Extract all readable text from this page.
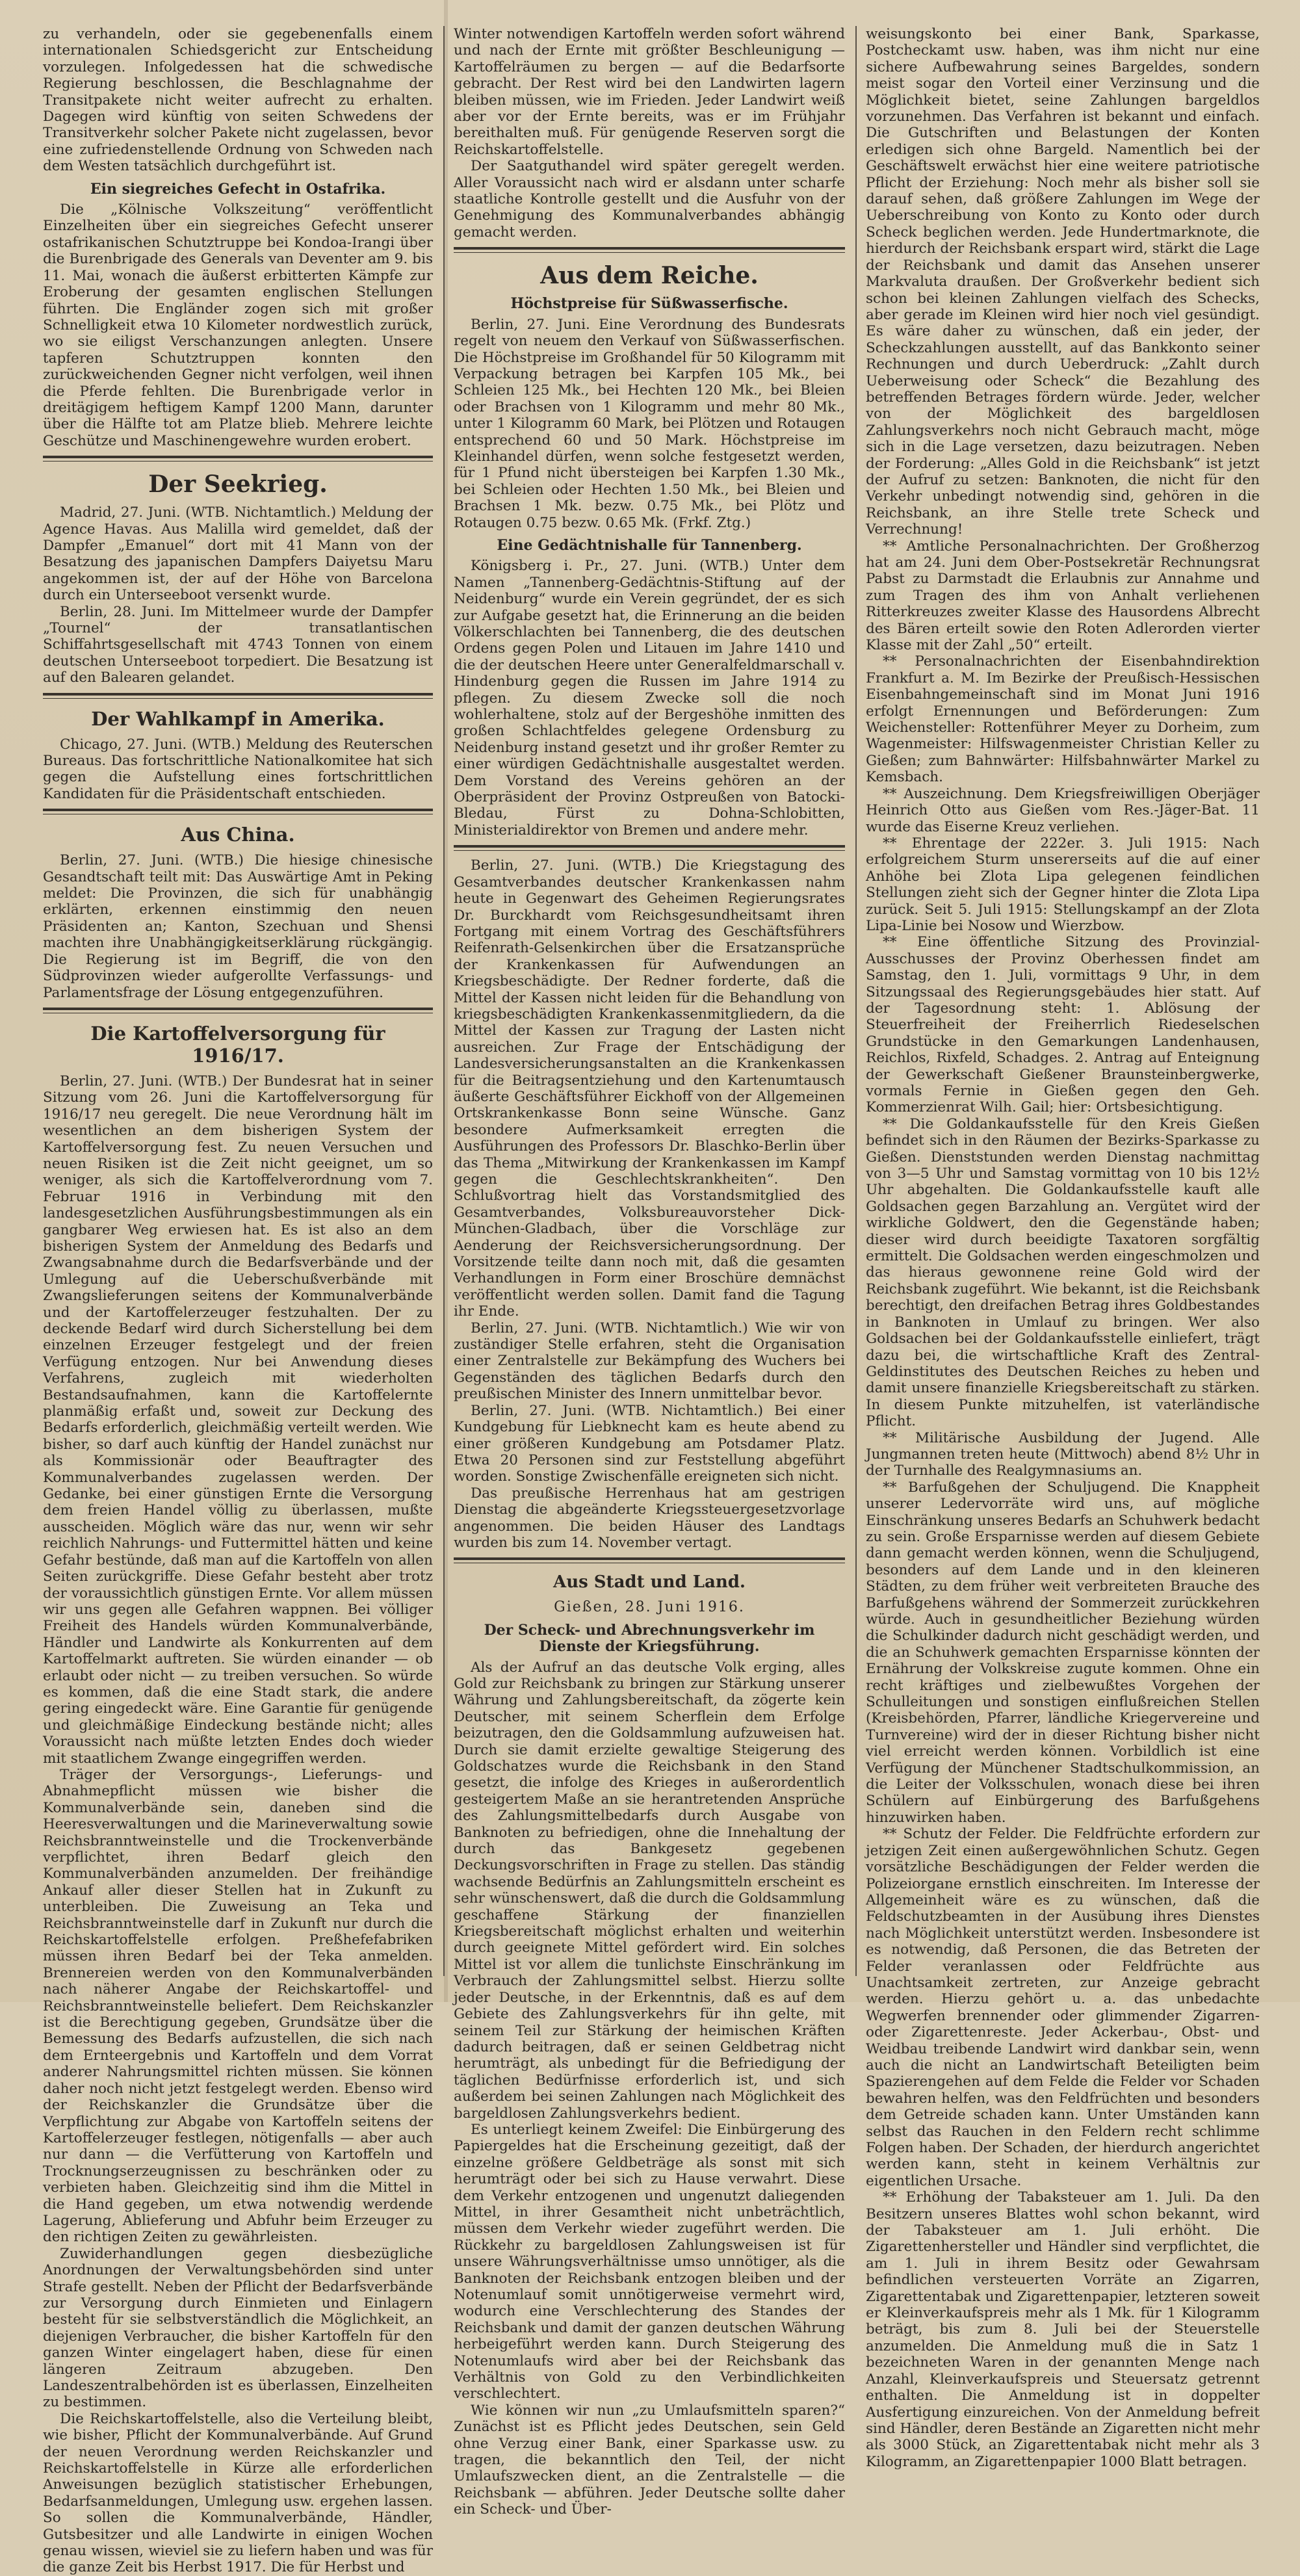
zu verhandeln, oder sie gegebenenfalls einem internationalen Schiedsgericht zur Entscheidung vorzulegen. Infolgedessen hat die schwedische Regierung beschlossen, die Beschlagnahme der Transitpakete nicht weiter aufrecht zu erhalten. Dagegen wird künftig von seiten Schwedens der Transitverkehr solcher Pakete nicht zugelassen, bevor eine zufriedenstellende Ordnung von Schweden nach dem Westen tatsächlich durchgeführt ist.

Ein siegreiches Gefecht in Ostafrika.

Die „Kölnische Volkszeitung“ veröffentlicht Einzelheiten über ein siegreiches Gefecht unserer ostafrikanischen Schutztruppe bei Kondoa-Irangi über die Burenbrigade des Generals van Deventer am 9. bis 11. Mai, wonach die äußerst erbitterten Kämpfe zur Eroberung der gesamten englischen Stellungen führten. Die Engländer zogen sich mit großer Schnelligkeit etwa 10 Kilometer nordwestlich zurück, wo sie eiligst Verschanzungen anlegten. Unsere tapferen Schutztruppen konnten den zurückweichenden Gegner nicht verfolgen, weil ihnen die Pferde fehlten. Die Burenbrigade verlor in dreitägigem heftigem Kampf 1200 Mann, darunter über die Hälfte tot am Platze blieb. Mehrere leichte Geschütze und Maschinengewehre wurden erobert.

Der Seekrieg.

Madrid, 27. Juni. (WTB. Nichtamtlich.) Meldung der Agence Havas. Aus Malilla wird gemeldet, daß der Dampfer „Emanuel“ dort mit 41 Mann von der Besatzung des japanischen Dampfers Daiyetsu Maru angekommen ist, der auf der Höhe von Barcelona durch ein Unterseeboot versenkt wurde.

Berlin, 28. Juni. Im Mittelmeer wurde der Dampfer „Tournel“ der transatlantischen Schiffahrtsgesellschaft mit 4743 Tonnen von einem deutschen Unterseeboot torpediert. Die Besatzung ist auf den Balearen gelandet.

Der Wahlkampf in Amerika.

Chicago, 27. Juni. (WTB.) Meldung des Reuterschen Bureaus. Das fortschrittliche Nationalkomitee hat sich gegen die Aufstellung eines fortschrittlichen Kandidaten für die Präsidentschaft entschieden.

Aus China.

Berlin, 27. Juni. (WTB.) Die hiesige chinesische Gesandtschaft teilt mit: Das Auswärtige Amt in Peking meldet: Die Provinzen, die sich für unabhängig erklärten, erkennen einstimmig den neuen Präsidenten an; Kanton, Szechuan und Shensi machten ihre Unabhängigkeitserklärung rückgängig. Die Regierung ist im Begriff, die von den Südprovinzen wieder aufgerollte Verfassungs- und Parlamentsfrage der Lösung entgegenzuführen.

Die Kartoffelversorgung für 1916/17.

Berlin, 27. Juni. (WTB.) Der Bundesrat hat in seiner Sitzung vom 26. Juni die Kartoffelversorgung für 1916/17 neu geregelt. Die neue Verordnung hält im wesentlichen an dem bisherigen System der Kartoffelversorgung fest. Zu neuen Versuchen und neuen Risiken ist die Zeit nicht geeignet, um so weniger, als sich die Kartoffelverordnung vom 7. Februar 1916 in Verbindung mit den landesgesetzlichen Ausführungsbestimmungen als ein gangbarer Weg erwiesen hat. Es ist also an dem bisherigen System der Anmeldung des Bedarfs und Zwangsabnahme durch die Bedarfsverbände und der Umlegung auf die Ueberschußverbände mit Zwangslieferungen seitens der Kommunalverbände und der Kartoffelerzeuger festzuhalten. Der zu deckende Bedarf wird durch Sicherstellung bei dem einzelnen Erzeuger festgelegt und der freien Verfügung entzogen. Nur bei Anwendung dieses Verfahrens, zugleich mit wiederholten Bestandsaufnahmen, kann die Kartoffelernte planmäßig erfaßt und, soweit zur Deckung des Bedarfs erforderlich, gleichmäßig verteilt werden. Wie bisher, so darf auch künftig der Handel zunächst nur als Kommissionär oder Beauftragter des Kommunalverbandes zugelassen werden. Der Gedanke, bei einer günstigen Ernte die Versorgung dem freien Handel völlig zu überlassen, mußte ausscheiden. Möglich wäre das nur, wenn wir sehr reichlich Nahrungs- und Futtermittel hätten und keine Gefahr bestünde, daß man auf die Kartoffeln von allen Seiten zurückgriffe. Diese Gefahr besteht aber trotz der voraussichtlich günstigen Ernte. Vor allem müssen wir uns gegen alle Gefahren wappnen. Bei völliger Freiheit des Handels würden Kommunalverbände, Händler und Landwirte als Konkurrenten auf dem Kartoffelmarkt auftreten. Sie würden einander — ob erlaubt oder nicht — zu treiben versuchen. So würde es kommen, daß die eine Stadt stark, die andere gering eingedeckt wäre. Eine Garantie für genügende und gleichmäßige Eindeckung bestände nicht; alles Voraussicht nach müßte letzten Endes doch wieder mit staatlichem Zwange eingegriffen werden.

Träger der Versorgungs-, Lieferungs- und Abnahmepflicht müssen wie bisher die Kommunalverbände sein, daneben sind die Heeresverwaltungen und die Marineverwaltung sowie Reichsbranntweinstelle und die Trockenverbände verpflichtet, ihren Bedarf gleich den Kommunalverbänden anzumelden. Der freihändige Ankauf aller dieser Stellen hat in Zukunft zu unterbleiben. Die Zuweisung an Teka und Reichsbranntweinstelle darf in Zukunft nur durch die Reichskartoffelstelle erfolgen. Preßhefefabriken müssen ihren Bedarf bei der Teka anmelden. Brennereien werden von den Kommunalverbänden nach näherer Angabe der Reichskartoffel- und Reichsbranntweinstelle beliefert. Dem Reichskanzler ist die Berechtigung gegeben, Grundsätze über die Bemessung des Bedarfs aufzustellen, die sich nach dem Ernteergebnis und Kartoffeln und dem Vorrat anderer Nahrungsmittel richten müssen. Sie können daher noch nicht jetzt festgelegt werden. Ebenso wird der Reichskanzler die Grundsätze über die Verpflichtung zur Abgabe von Kartoffeln seitens der Kartoffelerzeuger festlegen, nötigenfalls — aber auch nur dann — die Verfütterung von Kartoffeln und Trocknungserzeugnissen zu beschränken oder zu verbieten haben. Gleichzeitig sind ihm die Mittel in die Hand gegeben, um etwa notwendig werdende Lagerung, Ablieferung und Abfuhr beim Erzeuger zu den richtigen Zeiten zu gewährleisten.

Zuwiderhandlungen gegen diesbezügliche Anordnungen der Verwaltungsbehörden sind unter Strafe gestellt. Neben der Pflicht der Bedarfsverbände zur Versorgung durch Einmieten und Einlagern besteht für sie selbstverständlich die Möglichkeit, an diejenigen Verbraucher, die bisher Kartoffeln für den ganzen Winter eingelagert haben, diese für einen längeren Zeitraum abzugeben. Den Landeszentralbehörden ist es überlassen, Einzelheiten zu bestimmen.

Die Reichskartoffelstelle, also die Verteilung bleibt, wie bisher, Pflicht der Kommunalverbände. Auf Grund der neuen Verordnung werden Reichskanzler und Reichskartoffelstelle in Kürze alle erforderlichen Anweisungen bezüglich statistischer Erhebungen, Bedarfsanmeldungen, Umlegung usw. ergehen lassen. So sollen die Kommunalverbände, Händler, Gutsbesitzer und alle Landwirte in einigen Wochen genau wissen, wieviel sie zu liefern haben und was für die ganze Zeit bis Herbst 1917. Die für Herbst und

Winter notwendigen Kartoffeln werden sofort während und nach der Ernte mit größter Beschleunigung — Kartoffelräumen zu bergen — auf die Bedarfsorte gebracht. Der Rest wird bei den Landwirten lagern bleiben müssen, wie im Frieden. Jeder Landwirt weiß aber vor der Ernte bereits, was er im Frühjahr bereithalten muß. Für genügende Reserven sorgt die Reichskartoffelstelle.

Der Saatguthandel wird später geregelt werden. Aller Voraussicht nach wird er alsdann unter scharfe staatliche Kontrolle gestellt und die Ausfuhr von der Genehmigung des Kommunalverbandes abhängig gemacht werden.

Aus dem Reiche.
Höchstpreise für Süßwasserfische.

Berlin, 27. Juni. Eine Verordnung des Bundesrats regelt von neuem den Verkauf von Süßwasserfischen. Die Höchstpreise im Großhandel für 50 Kilogramm mit Verpackung betragen bei Karpfen 105 Mk., bei Schleien 125 Mk., bei Hechten 120 Mk., bei Bleien oder Brachsen von 1 Kilogramm und mehr 80 Mk., unter 1 Kilogramm 60 Mark, bei Plötzen und Rotaugen entsprechend 60 und 50 Mark. Höchstpreise im Kleinhandel dürfen, wenn solche festgesetzt werden, für 1 Pfund nicht übersteigen bei Karpfen 1.30 Mk., bei Schleien oder Hechten 1.50 Mk., bei Bleien und Brachsen 1 Mk. bezw. 0.75 Mk., bei Plötz und Rotaugen 0.75 bezw. 0.65 Mk. (Frkf. Ztg.)

Eine Gedächtnishalle für Tannenberg.

Königsberg i. Pr., 27. Juni. (WTB.) Unter dem Namen „Tannenberg-Gedächtnis-Stiftung auf der Neidenburg“ wurde ein Verein gegründet, der es sich zur Aufgabe gesetzt hat, die Erinnerung an die beiden Völkerschlachten bei Tannenberg, die des deutschen Ordens gegen Polen und Litauen im Jahre 1410 und die der deutschen Heere unter Generalfeldmarschall v. Hindenburg gegen die Russen im Jahre 1914 zu pflegen. Zu diesem Zwecke soll die noch wohlerhaltene, stolz auf der Bergeshöhe inmitten des großen Schlachtfeldes gelegene Ordensburg zu Neidenburg instand gesetzt und ihr großer Remter zu einer würdigen Gedächtnishalle ausgestaltet werden. Dem Vorstand des Vereins gehören an der Oberpräsident der Provinz Ostpreußen von Batocki-Bledau, Fürst zu Dohna-Schlobitten, Ministerialdirektor von Bremen und andere mehr.

Berlin, 27. Juni. (WTB.) Die Kriegstagung des Gesamtverbandes deutscher Krankenkassen nahm heute in Gegenwart des Geheimen Regierungsrates Dr. Burckhardt vom Reichsgesundheitsamt ihren Fortgang mit einem Vortrag des Geschäftsführers Reifenrath-Gelsenkirchen über die Ersatzansprüche der Krankenkassen für Aufwendungen an Kriegsbeschädigte. Der Redner forderte, daß die Mittel der Kassen nicht leiden für die Behandlung von kriegsbeschädigten Krankenkassenmitgliedern, da die Mittel der Kassen zur Tragung der Lasten nicht ausreichen. Zur Frage der Entschädigung der Landesversicherungsanstalten an die Krankenkassen für die Beitragsentziehung und den Kartenumtausch äußerte Geschäftsführer Eickhoff von der Allgemeinen Ortskrankenkasse Bonn seine Wünsche. Ganz besondere Aufmerksamkeit erregten die Ausführungen des Professors Dr. Blaschko-Berlin über das Thema „Mitwirkung der Krankenkassen im Kampf gegen die Geschlechtskrankheiten“. Den Schlußvortrag hielt das Vorstandsmitglied des Gesamtverbandes, Volksbureauvorsteher Dick-München-Gladbach, über die Vorschläge zur Aenderung der Reichsversicherungsordnung. Der Vorsitzende teilte dann noch mit, daß die gesamten Verhandlungen in Form einer Broschüre demnächst veröffentlicht werden sollen. Damit fand die Tagung ihr Ende.

Berlin, 27. Juni. (WTB. Nichtamtlich.) Wie wir von zuständiger Stelle erfahren, steht die Organisation einer Zentralstelle zur Bekämpfung des Wuchers bei Gegenständen des täglichen Bedarfs durch den preußischen Minister des Innern unmittelbar bevor.

Berlin, 27. Juni. (WTB. Nichtamtlich.) Bei einer Kundgebung für Liebknecht kam es heute abend zu einer größeren Kundgebung am Potsdamer Platz. Etwa 20 Personen sind zur Feststellung abgeführt worden. Sonstige Zwischenfälle ereigneten sich nicht.

Das preußische Herrenhaus hat am gestrigen Dienstag die abgeänderte Kriegssteuergesetzvorlage angenommen. Die beiden Häuser des Landtags wurden bis zum 14. November vertagt.

Aus Stadt und Land.
Gießen, 28. Juni 1916.
Der Scheck- und Abrechnungsverkehr im Dienste der Kriegsführung.

Als der Aufruf an das deutsche Volk erging, alles Gold zur Reichsbank zu bringen zur Stärkung unserer Währung und Zahlungsbereitschaft, da zögerte kein Deutscher, mit seinem Scherflein dem Erfolge beizutragen, den die Goldsammlung aufzuweisen hat. Durch sie damit erzielte gewaltige Steigerung des Goldschatzes wurde die Reichsbank in den Stand gesetzt, die infolge des Krieges in außerordentlich gesteigertem Maße an sie herantretenden Ansprüche des Zahlungsmittelbedarfs durch Ausgabe von Banknoten zu befriedigen, ohne die Innehaltung der durch das Bankgesetz gegebenen Deckungsvorschriften in Frage zu stellen. Das ständig wachsende Bedürfnis an Zahlungsmitteln erscheint es sehr wünschenswert, daß die durch die Goldsammlung geschaffene Stärkung der finanziellen Kriegsbereitschaft möglichst erhalten und weiterhin durch geeignete Mittel gefördert wird. Ein solches Mittel ist vor allem die tunlichste Einschränkung im Verbrauch der Zahlungsmittel selbst. Hierzu sollte jeder Deutsche, in der Erkenntnis, daß es auf dem Gebiete des Zahlungsverkehrs für ihn gelte, mit seinem Teil zur Stärkung der heimischen Kräften dadurch beitragen, daß er seinen Geldbetrag nicht herumträgt, als unbedingt für die Befriedigung der täglichen Bedürfnisse erforderlich ist, und sich außerdem bei seinen Zahlungen nach Möglichkeit des bargeldlosen Zahlungsverkehrs bedient.

Es unterliegt keinem Zweifel: Die Einbürgerung des Papiergeldes hat die Erscheinung gezeitigt, daß der einzelne größere Geldbeträge als sonst mit sich herumträgt oder bei sich zu Hause verwahrt. Diese dem Verkehr entzogenen und ungenutzt daliegenden Mittel, in ihrer Gesamtheit nicht unbeträchtlich, müssen dem Verkehr wieder zugeführt werden. Die Rückkehr zu bargeldlosen Zahlungsweisen ist für unsere Währungsverhältnisse umso unnötiger, als die Banknoten der Reichsbank entzogen bleiben und der Notenumlauf somit unnötigerweise vermehrt wird, wodurch eine Verschlechterung des Standes der Reichsbank und damit der ganzen deutschen Währung herbeigeführt werden kann. Durch Steigerung des Notenumlaufs wird aber bei der Reichsbank das Verhältnis von Gold zu den Verbindlichkeiten verschlechtert.

Wie können wir nun „zu Umlaufsmitteln sparen?“ Zunächst ist es Pflicht jedes Deutschen, sein Geld ohne Verzug einer Bank, einer Sparkasse usw. zu tragen, die bekanntlich den Teil, der nicht Umlaufszwecken dient, an die Zentralstelle — die Reichsbank — abführen. Jeder Deutsche sollte daher ein Scheck- und Über-

weisungskonto bei einer Bank, Sparkasse, Postcheckamt usw. haben, was ihm nicht nur eine sichere Aufbewahrung seines Bargeldes, sondern meist sogar den Vorteil einer Verzinsung und die Möglichkeit bietet, seine Zahlungen bargeldlos vorzunehmen. Das Verfahren ist bekannt und einfach. Die Gutschriften und Belastungen der Konten erledigen sich ohne Bargeld. Namentlich bei der Geschäftswelt erwächst hier eine weitere patriotische Pflicht der Erziehung: Noch mehr als bisher soll sie darauf sehen, daß größere Zahlungen im Wege der Ueberschreibung von Konto zu Konto oder durch Scheck beglichen werden. Jede Hundertmarknote, die hierdurch der Reichsbank erspart wird, stärkt die Lage der Reichsbank und damit das Ansehen unserer Markvaluta draußen. Der Großverkehr bedient sich schon bei kleinen Zahlungen vielfach des Schecks, aber gerade im Kleinen wird hier noch viel gesündigt. Es wäre daher zu wünschen, daß ein jeder, der Scheckzahlungen ausstellt, auf das Bankkonto seiner Rechnungen und durch Ueberdruck: „Zahlt durch Ueberweisung oder Scheck“ die Bezahlung des betreffenden Betrages fördern würde. Jeder, welcher von der Möglichkeit des bargeldlosen Zahlungsverkehrs noch nicht Gebrauch macht, möge sich in die Lage versetzen, dazu beizutragen. Neben der Forderung: „Alles Gold in die Reichsbank“ ist jetzt der Aufruf zu setzen: Banknoten, die nicht für den Verkehr unbedingt notwendig sind, gehören in die Reichsbank, an ihre Stelle trete Scheck und Verrechnung!

** Amtliche Personalnachrichten. Der Großherzog hat am 24. Juni dem Ober-Postsekretär Rechnungsrat Pabst zu Darmstadt die Erlaubnis zur Annahme und zum Tragen des ihm von Anhalt verliehenen Ritterkreuzes zweiter Klasse des Hausordens Albrecht des Bären erteilt sowie den Roten Adlerorden vierter Klasse mit der Zahl „50“ erteilt.

** Personalnachrichten der Eisenbahndirektion Frankfurt a. M. Im Bezirke der Preußisch-Hessischen Eisenbahngemeinschaft sind im Monat Juni 1916 erfolgt Ernennungen und Beförderungen: Zum Weichensteller: Rottenführer Meyer zu Dorheim, zum Wagenmeister: Hilfswagenmeister Christian Keller zu Gießen; zum Bahnwärter: Hilfsbahnwärter Markel zu Kemsbach.

** Auszeichnung. Dem Kriegsfreiwilligen Oberjäger Heinrich Otto aus Gießen vom Res.-Jäger-Bat. 11 wurde das Eiserne Kreuz verliehen.

** Ehrentage der 222er. 3. Juli 1915: Nach erfolgreichem Sturm unsererseits auf die auf einer Anhöhe bei Zlota Lipa gelegenen feindlichen Stellungen zieht sich der Gegner hinter die Zlota Lipa zurück. Seit 5. Juli 1915: Stellungskampf an der Zlota Lipa-Linie bei Nosow und Wierzbow.

** Eine öffentliche Sitzung des Provinzial-Ausschusses der Provinz Oberhessen findet am Samstag, den 1. Juli, vormittags 9 Uhr, in dem Sitzungssaal des Regierungsgebäudes hier statt. Auf der Tagesordnung steht: 1. Ablösung der Steuerfreiheit der Freiherrlich Riedeselschen Grundstücke in den Gemarkungen Landenhausen, Reichlos, Rixfeld, Schadges. 2. Antrag auf Enteignung der Gewerkschaft Gießener Braunsteinbergwerke, vormals Fernie in Gießen gegen den Geh. Kommerzienrat Wilh. Gail; hier: Ortsbesichtigung.

** Die Goldankaufsstelle für den Kreis Gießen befindet sich in den Räumen der Bezirks-Sparkasse zu Gießen. Dienststunden werden Dienstag nachmittag von 3—5 Uhr und Samstag vormittag von 10 bis 12½ Uhr abgehalten. Die Goldankaufsstelle kauft alle Goldsachen gegen Barzahlung an. Vergütet wird der wirkliche Goldwert, den die Gegenstände haben; dieser wird durch beeidigte Taxatoren sorgfältig ermittelt. Die Goldsachen werden eingeschmolzen und das hieraus gewonnene reine Gold wird der Reichsbank zugeführt. Wie bekannt, ist die Reichsbank berechtigt, den dreifachen Betrag ihres Goldbestandes in Banknoten in Umlauf zu bringen. Wer also Goldsachen bei der Goldankaufsstelle einliefert, trägt dazu bei, die wirtschaftliche Kraft des Zentral-Geldinstitutes des Deutschen Reiches zu heben und damit unsere finanzielle Kriegsbereitschaft zu stärken. In diesem Punkte mitzuhelfen, ist vaterländische Pflicht.

** Militärische Ausbildung der Jugend. Alle Jungmannen treten heute (Mittwoch) abend 8½ Uhr in der Turnhalle des Realgymnasiums an.

** Barfußgehen der Schuljugend. Die Knappheit unserer Ledervorräte wird uns, auf mögliche Einschränkung unseres Bedarfs an Schuhwerk bedacht zu sein. Große Ersparnisse werden auf diesem Gebiete dann gemacht werden können, wenn die Schuljugend, besonders auf dem Lande und in den kleineren Städten, zu dem früher weit verbreiteten Brauche des Barfußgehens während der Sommerzeit zurückkehren würde. Auch in gesundheitlicher Beziehung würden die Schulkinder dadurch nicht geschädigt werden, und die an Schuhwerk gemachten Ersparnisse könnten der Ernährung der Volkskreise zugute kommen. Ohne ein recht kräftiges und zielbewußtes Vorgehen der Schulleitungen und sonstigen einflußreichen Stellen (Kreisbehörden, Pfarrer, ländliche Kriegervereine und Turnvereine) wird der in dieser Richtung bisher nicht viel erreicht werden können. Vorbildlich ist eine Verfügung der Münchener Stadtschulkommission, an die Leiter der Volksschulen, wonach diese bei ihren Schülern auf Einbürgerung des Barfußgehens hinzuwirken haben.

** Schutz der Felder. Die Feldfrüchte erfordern zur jetzigen Zeit einen außergewöhnlichen Schutz. Gegen vorsätzliche Beschädigungen der Felder werden die Polizeiorgane ernstlich einschreiten. Im Interesse der Allgemeinheit wäre es zu wünschen, daß die Feldschutzbeamten in der Ausübung ihres Dienstes nach Möglichkeit unterstützt werden. Insbesondere ist es notwendig, daß Personen, die das Betreten der Felder veranlassen oder Feldfrüchte aus Unachtsamkeit zertreten, zur Anzeige gebracht werden. Hierzu gehört u. a. das unbedachte Wegwerfen brennender oder glimmender Zigarren- oder Zigarettenreste. Jeder Ackerbau-, Obst- und Weidbau treibende Landwirt wird dankbar sein, wenn auch die nicht an Landwirtschaft Beteiligten beim Spazierengehen auf dem Felde die Felder vor Schaden bewahren helfen, was den Feldfrüchten und besonders dem Getreide schaden kann. Unter Umständen kann selbst das Rauchen in den Feldern recht schlimme Folgen haben. Der Schaden, der hierdurch angerichtet werden kann, steht in keinem Verhältnis zur eigentlichen Ursache.

** Erhöhung der Tabaksteuer am 1. Juli. Da den Besitzern unseres Blattes wohl schon bekannt, wird der Tabaksteuer am 1. Juli erhöht. Die Zigarettenhersteller und Händler sind verpflichtet, die am 1. Juli in ihrem Besitz oder Gewahrsam befindlichen versteuerten Vorräte an Zigarren, Zigarettentabak und Zigarettenpapier, letzteren soweit er Kleinverkaufspreis mehr als 1 Mk. für 1 Kilogramm beträgt, bis zum 8. Juli bei der Steuerstelle anzumelden. Die Anmeldung muß die in Satz 1 bezeichneten Waren in der genannten Menge nach Anzahl, Kleinverkaufspreis und Steuersatz getrennt enthalten. Die Anmeldung ist in doppelter Ausfertigung einzureichen. Von der Anmeldung befreit sind Händler, deren Bestände an Zigaretten nicht mehr als 3000 Stück, an Zigarettentabak nicht mehr als 3 Kilogramm, an Zigarettenpapier 1000 Blatt betragen.
